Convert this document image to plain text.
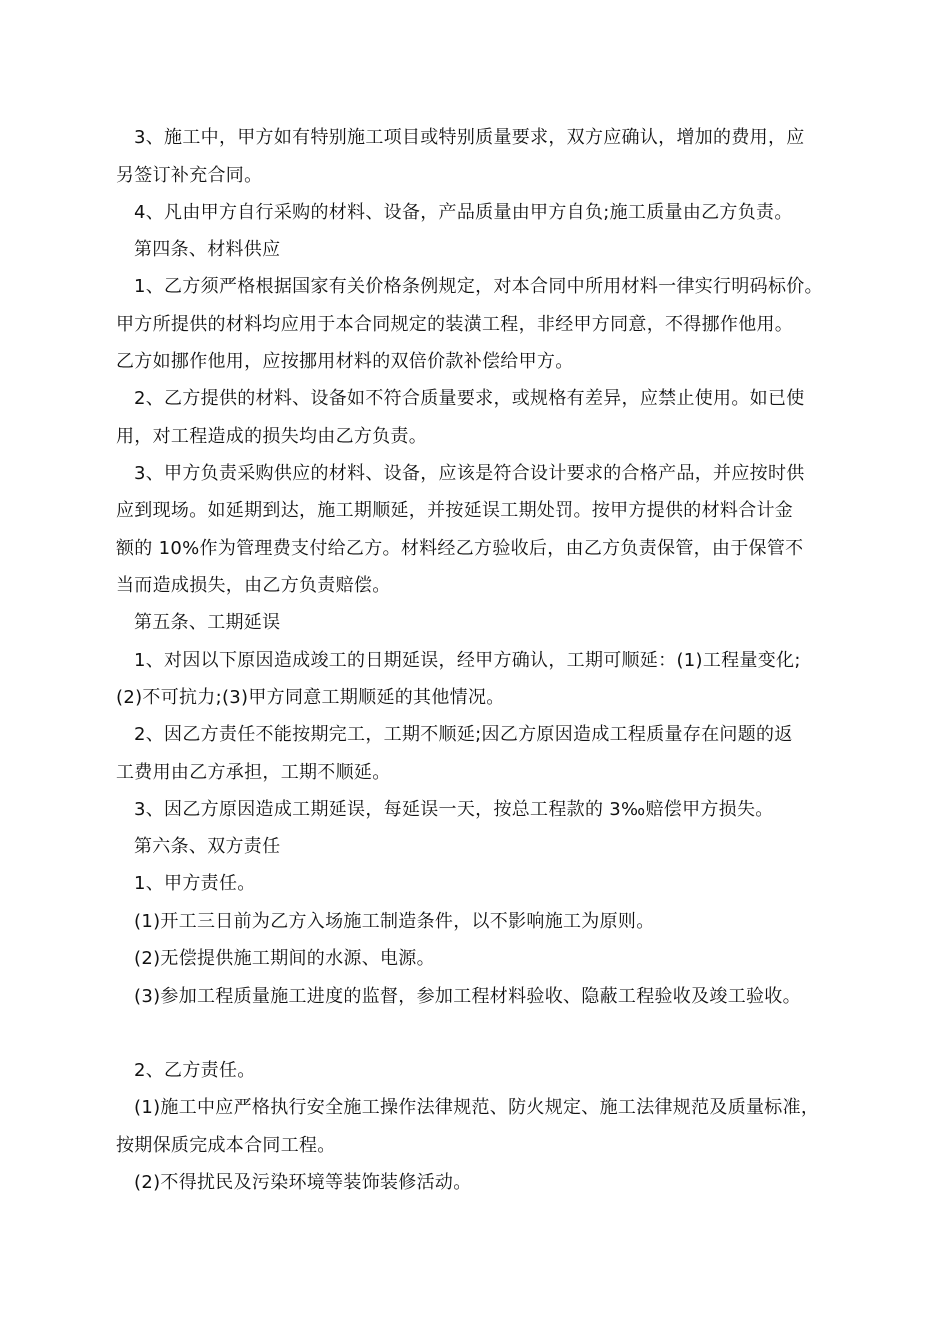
3、施工中，甲方如有特别施工项目或特别质量要求，双方应确认，增加的费用，应
另签订补充合同。
4、凡由甲方自行采购的材料、设备，产品质量由甲方自负;施工质量由乙方负责。
第四条、材料供应
1、乙方须严格根据国家有关价格条例规定，对本合同中所用材料一律实行明码标价。
甲方所提供的材料均应用于本合同规定的装潢工程，非经甲方同意，不得挪作他用。
乙方如挪作他用，应按挪用材料的双倍价款补偿给甲方。
2、乙方提供的材料、设备如不符合质量要求，或规格有差异，应禁止使用。如已使
用，对工程造成的损失均由乙方负责。
3、甲方负责采购供应的材料、设备，应该是符合设计要求的合格产品，并应按时供
应到现场。如延期到达，施工期顺延，并按延误工期处罚。按甲方提供的材料合计金
额的 10%作为管理费支付给乙方。材料经乙方验收后，由乙方负责保管，由于保管不
当而造成损失，由乙方负责赔偿。
第五条、工期延误
1、对因以下原因造成竣工的日期延误，经甲方确认，工期可顺延：(1)工程量变化;
(2)不可抗力;(3)甲方同意工期顺延的其他情况。
2、因乙方责任不能按期完工，工期不顺延;因乙方原因造成工程质量存在问题的返
工费用由乙方承担，工期不顺延。
3、因乙方原因造成工期延误，每延误一天，按总工程款的 3‰赔偿甲方损失。
第六条、双方责任
1、甲方责任。
(1)开工三日前为乙方入场施工制造条件，以不影响施工为原则。
(2)无偿提供施工期间的水源、电源。
(3)参加工程质量施工进度的监督，参加工程材料验收、隐蔽工程验收及竣工验收。
2、乙方责任。
(1)施工中应严格执行安全施工操作法律规范、防火规定、施工法律规范及质量标准，
按期保质完成本合同工程。
(2)不得扰民及污染环境等装饰装修活动。
